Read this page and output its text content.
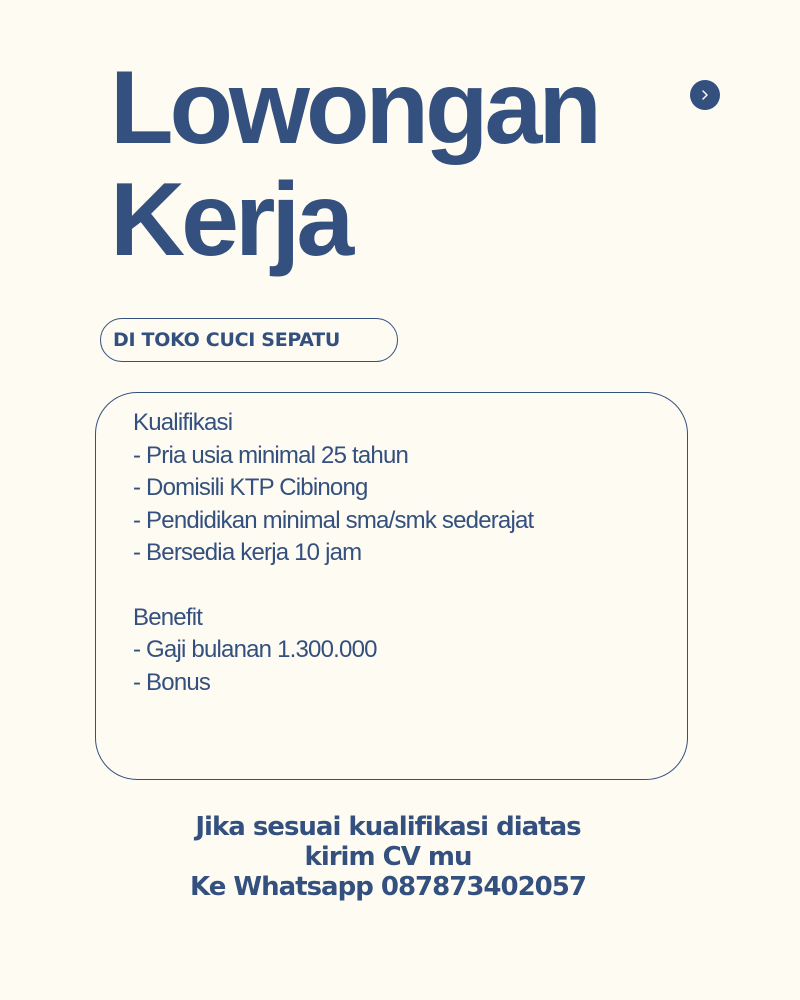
Lowongan
Kerja
DI TOKO CUCI SEPATU
Kualifikasi
- Pria usia minimal 25 tahun
- Domisili KTP Cibinong
- Pendidikan minimal sma/smk sederajat
- Bersedia kerja 10 jam
Benefit
- Gaji bulanan 1.300.000
- Bonus
Jika sesuai kualifikasi diatas
kirim CV mu
Ke Whatsapp 087873402057
